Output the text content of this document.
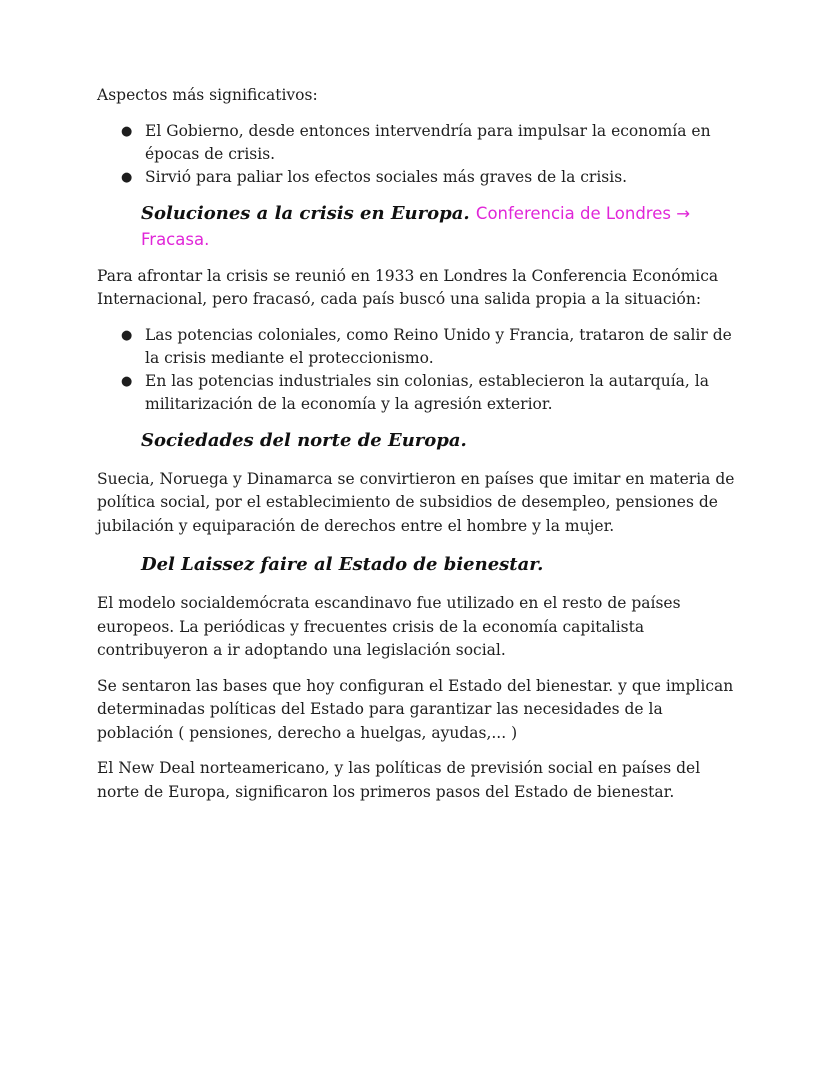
Aspectos más significativos:

● El Gobierno, desde entonces intervendría para impulsar la economía en épocas de crisis.
● Sirvió para paliar los efectos sociales más graves de la crisis.
Soluciones a la crisis en Europa. Conferencia de Londres → Fracasa.

Para afrontar la crisis se reunió en 1933 en Londres la Conferencia Económica Internacional, pero fracasó, cada país buscó una salida propia a la situación:

● Las potencias coloniales, como Reino Unido y Francia, trataron de salir de la crisis mediante el proteccionismo.
● En las potencias industriales sin colonias, establecieron la autarquía, la militarización de la economía y la agresión exterior.
Sociedades del norte de Europa.

Suecia, Noruega y Dinamarca se convirtieron en países que imitar en materia de política social, por el establecimiento de subsidios de desempleo, pensiones de jubilación y equiparación de derechos entre el hombre y la mujer.

Del Laissez faire al Estado de bienestar.

El modelo socialdemócrata escandinavo fue utilizado en el resto de países europeos. La periódicas y frecuentes crisis de la economía capitalista contribuyeron a ir adoptando una legislación social.

Se sentaron las bases que hoy configuran el Estado del bienestar. y que implican determinadas políticas del Estado para garantizar las necesidades de la población ( pensiones, derecho a huelgas, ayudas,... )

El New Deal norteamericano, y las políticas de previsión social en países del norte de Europa, significaron los primeros pasos del Estado de bienestar.
